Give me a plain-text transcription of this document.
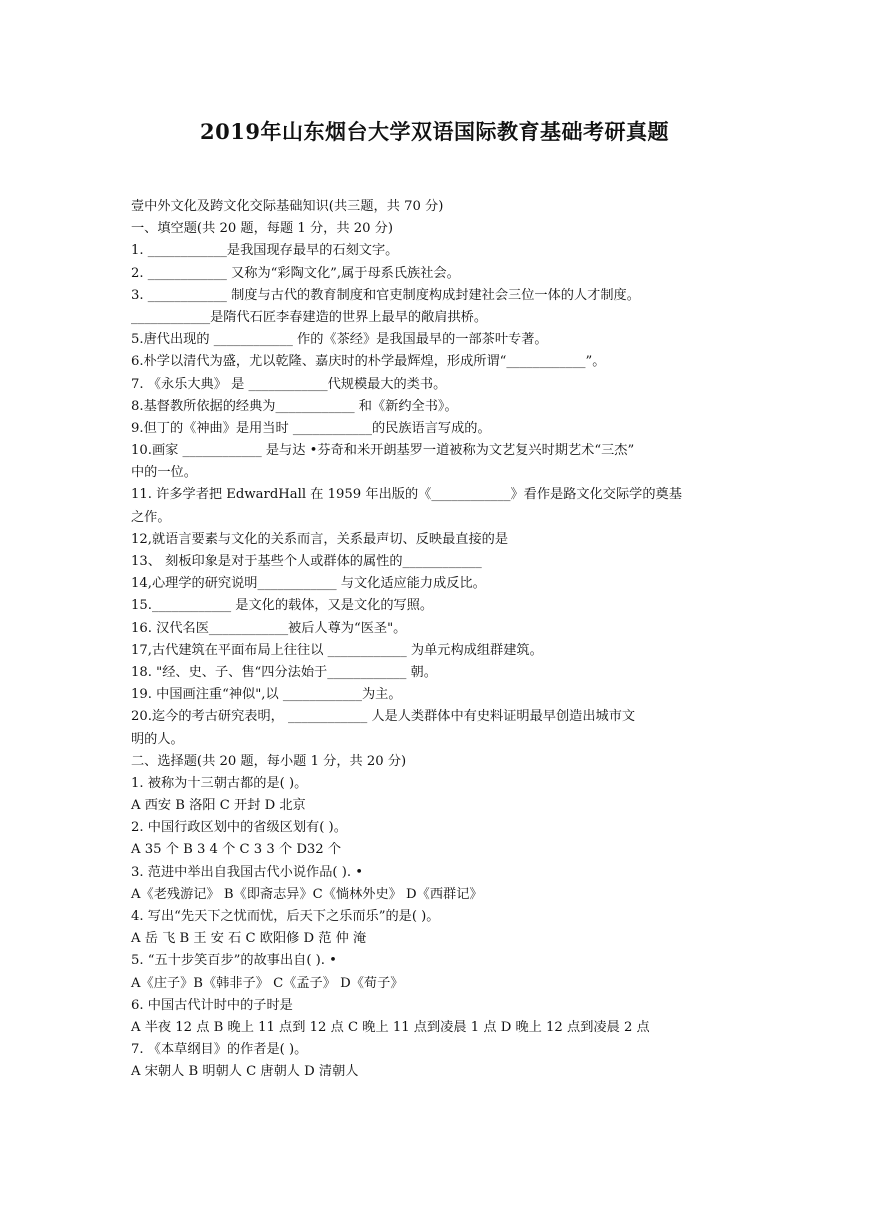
2019年山东烟台大学双语国际教育基础考研真题
壹中外文化及跨文化交际基础知识(共三题，共 70 分)
一、填空题(共 20 题，每题 1 分，共 20 分)
1. ____________是我国现存最早的石刻文字。
2. ____________ 又称为“彩陶文化”,属于母系氏族社会。
3. ____________ 制度与古代的教育制度和官吏制度构成封建社会三位一体的人才制度。
____________是隋代石匠李春建造的世界上最早的敞肩拱桥。
5.唐代出现的 ____________ 作的《茶经》是我国最早的一部茶叶专著。
6.朴学以清代为盛，尤以乾隆、嘉庆时的朴学最辉煌，形成所谓“____________”。
7. 《永乐大典》 是 ____________代规模最大的类书。
8.基督教所依据的经典为____________ 和《新约全书》。
9.但丁的《神曲》是用当时 ____________的民族语言写成的。
10.画家 ____________ 是与达 •芬奇和米开朗基罗一道被称为文艺复兴时期艺术“三杰”
中的一位。
11. 许多学者把 EdwardHall 在 1959 年出版的《____________》看作是路文化交际学的奠基
之作。
12,就语言要素与文化的关系而言，关系最声切、反映最直接的是
13、 刻板印象是对于基些个人或群体的属性的____________
14,心理学的研究说明____________ 与文化适应能力成反比。
15.____________ 是文化的载体，又是文化的写照。
16. 汉代名医____________被后人尊为“医圣"。
17,古代建筑在平面布局上往往以 ____________ 为单元构成组群建筑。
18. "经、史、子、售“四分法始于____________ 朝。
19. 中国画注重“神似",以 ____________为主。
20.迄今的考古研究表明， ____________ 人是人类群体中有史料证明最早创造出城市文
明的人。
二、选择题(共 20 题，每小题 1 分，共 20 分)
1. 被称为十三朝古都的是( )。
A 西安 B 洛阳 C 开封 D 北京
2. 中国行政区划中的省级区划有( )。
A 35 个 B 3 4 个 C 3 3 个 D32 个
3. 范进中举出自我国古代小说作品( ). •
A《老残游记》 B《即斋志异》C《惝林外史》 D《西群记》
4. 写出“先天下之忧而忧，后天下之乐而乐”的是( )。
A 岳 飞 B 王 安 石 C 欧阳修 D 范 仲 淹
5. “五十步笑百步”的故事出自( ). •
A《庄子》B《韩非子》 C《孟子》 D《荀子》
6. 中国古代计时中的子时是
A 半夜 12 点 B 晚上 11 点到 12 点 C 晚上 11 点到凌晨 1 点 D 晚上 12 点到凌晨 2 点
7. 《本草纲目》的作者是( )。
A 宋朝人 B 明朝人 C 唐朝人 D 清朝人
